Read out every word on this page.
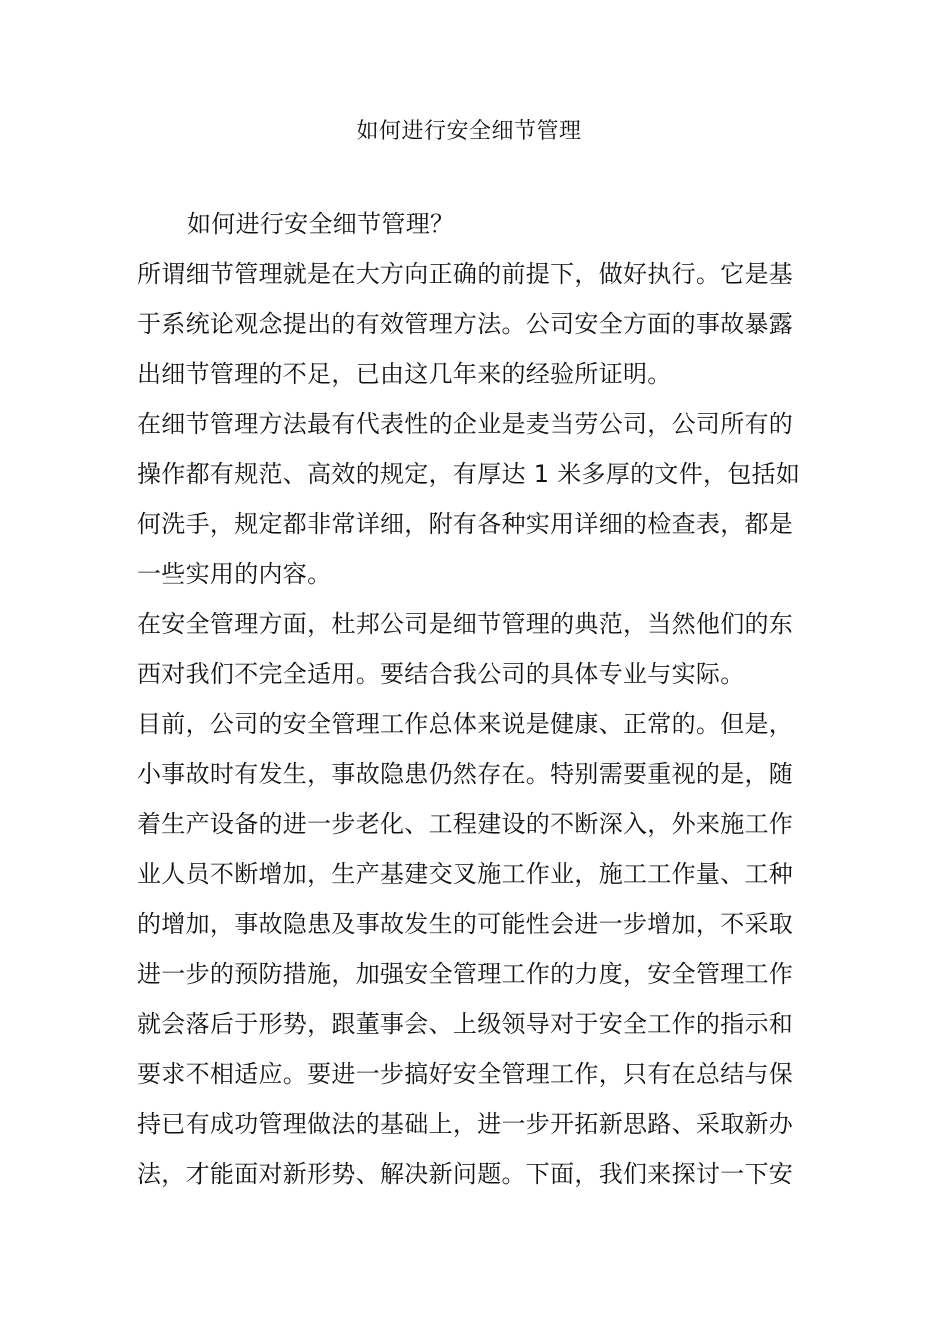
如何进行安全细节管理
如何进行安全细节管理？
所谓细节管理就是在大方向正确的前提下，做好执行。它是基
于系统论观念提出的有效管理方法。公司安全方面的事故暴露
出细节管理的不足，已由这几年来的经验所证明。
在细节管理方法最有代表性的企业是麦当劳公司，公司所有的
操作都有规范、高效的规定，有厚达 1 米多厚的文件，包括如
何洗手，规定都非常详细，附有各种实用详细的检查表，都是
一些实用的内容。
在安全管理方面，杜邦公司是细节管理的典范，当然他们的东
西对我们不完全适用。要结合我公司的具体专业与实际。
目前，公司的安全管理工作总体来说是健康、正常的。但是，
小事故时有发生，事故隐患仍然存在。特别需要重视的是，随
着生产设备的进一步老化、工程建设的不断深入，外来施工作
业人员不断增加，生产基建交叉施工作业，施工工作量、工种
的增加，事故隐患及事故发生的可能性会进一步增加，不采取
进一步的预防措施，加强安全管理工作的力度，安全管理工作
就会落后于形势，跟董事会、上级领导对于安全工作的指示和
要求不相适应。要进一步搞好安全管理工作，只有在总结与保
持已有成功管理做法的基础上，进一步开拓新思路、采取新办
法，才能面对新形势、解决新问题。下面，我们来探讨一下安
